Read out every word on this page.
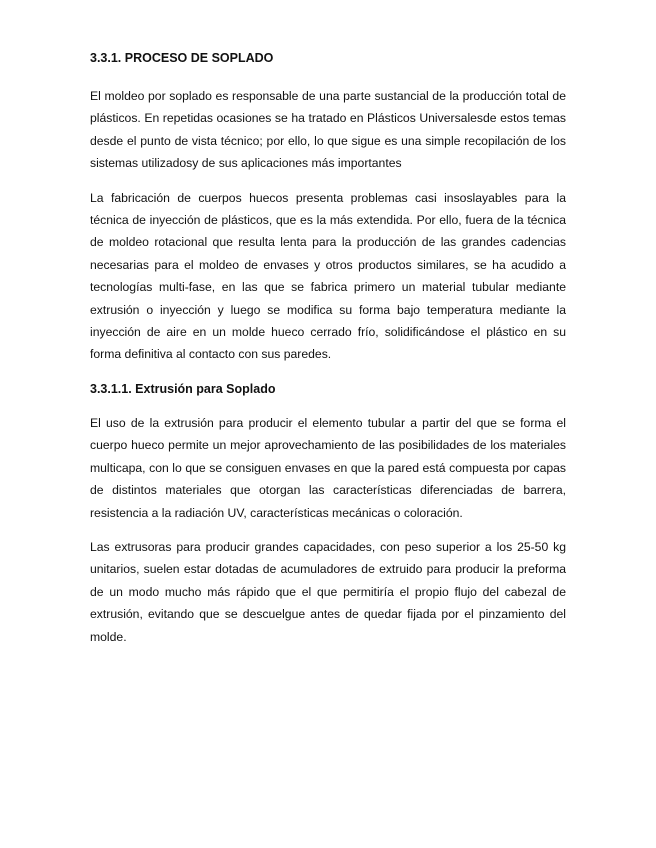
3.3.1. PROCESO DE SOPLADO

El moldeo por soplado es responsable de una parte sustancial de la producción total de plásticos. En repetidas ocasiones se ha tratado en Plásticos Universalesde estos temas desde el punto de vista técnico; por ello, lo que sigue es una simple recopilación de los sistemas utilizadosy de sus aplicaciones más importantes

La fabricación de cuerpos huecos presenta problemas casi insoslayables para la técnica de inyección de plásticos, que es la más extendida. Por ello, fuera de la técnica de moldeo rotacional que resulta lenta para la producción de las grandes cadencias necesarias para el moldeo de envases y otros productos similares, se ha acudido a tecnologías multi-fase, en las que se fabrica primero un material tubular mediante extrusión o inyección y luego se modifica su forma bajo temperatura mediante la inyección de aire en un molde hueco cerrado frío, solidificándose el plástico en su forma definitiva al contacto con sus paredes.

3.3.1.1. Extrusión para Soplado

El uso de la extrusión para producir el elemento tubular a partir del que se forma el cuerpo hueco permite un mejor aprovechamiento de las posibilidades de los materiales multicapa, con lo que se consiguen envases en que la pared está compuesta por capas de distintos materiales que otorgan las características diferenciadas de barrera, resistencia a la radiación UV, características mecánicas o coloración.

Las extrusoras para producir grandes capacidades, con peso superior a los 25-50 kg unitarios, suelen estar dotadas de acumuladores de extruido para producir la preforma de un modo mucho más rápido que el que permitiría el propio flujo del cabezal de extrusión, evitando que se descuelgue antes de quedar fijada por el pinzamiento del molde.
